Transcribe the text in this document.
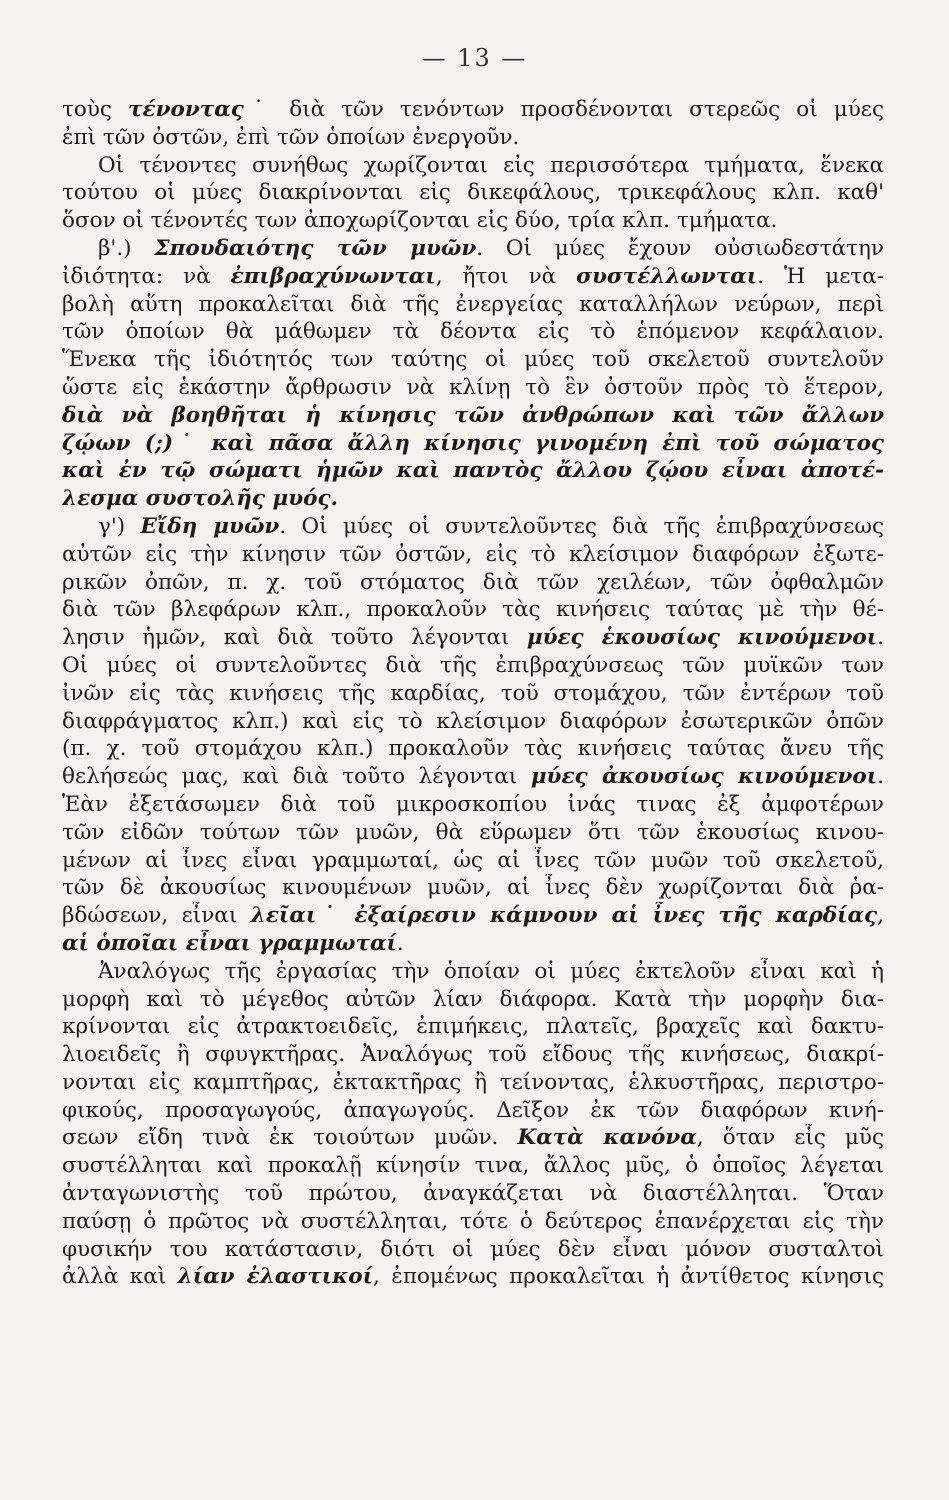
— 13 —
τοὺς τένοντας˙ διὰ τῶν τενόντων προσδένονται στερεῶς οἱ μύες
ἐπὶ τῶν ὀστῶν, ἐπὶ τῶν ὁποίων ἐνεργοῦν.
Οἱ τένοντες συνήθως χωρίζονται εἰς περισσότερα τμήματα, ἕνεκα
τούτου οἱ μύες διακρίνονται εἰς δικεφάλους, τρικεφάλους κλπ. καθ'
ὅσον οἱ τένοντές των ἀποχωρίζονται εἰς δύο, τρία κλπ. τμήματα.
β'.) Σπουδαιότης τῶν μυῶν. Οἱ μύες ἔχουν οὐσιωδεστάτην
ἰδιότητα: νὰ ἐπιβραχύνωνται, ἤτοι νὰ συστέλλωνται. Ἡ μετα-
βολὴ αὕτη προκαλεῖται διὰ τῆς ἐνεργείας καταλλήλων νεύρων, περὶ
τῶν ὁποίων θὰ μάθωμεν τὰ δέοντα εἰς τὸ ἑπόμενον κεφάλαιον.
Ἕνεκα τῆς ἰδιότητός των ταύτης οἱ μύες τοῦ σκελετοῦ συντελοῦν
ὥστε εἰς ἑκάστην ἄρθρωσιν νὰ κλίνῃ τὸ ἓν ὀστοῦν πρὸς τὸ ἕτερον,
διὰ νὰ βοηθῆται ἡ κίνησις τῶν ἀνθρώπων καὶ τῶν ἄλλων
ζῴων (;)˙ καὶ πᾶσα ἄλλη κίνησις γινομένη ἐπὶ τοῦ σώματος
καὶ ἐν τῷ σώματι ἡμῶν καὶ παντὸς ἄλλου ζῴου εἶναι ἀποτέ-
λεσμα συστολῆς μυός.
γ') Εἴδη μυῶν. Οἱ μύες οἱ συντελοῦντες διὰ τῆς ἐπιβραχύνσεως
αὐτῶν εἰς τὴν κίνησιν τῶν ὀστῶν, εἰς τὸ κλείσιμον διαφόρων ἐξωτε-
ρικῶν ὀπῶν, π. χ. τοῦ στόματος διὰ τῶν χειλέων, τῶν ὀφθαλμῶν
διὰ τῶν βλεφάρων κλπ., προκαλοῦν τὰς κινήσεις ταύτας μὲ τὴν θέ-
λησιν ἡμῶν, καὶ διὰ τοῦτο λέγονται μύες ἑκουσίως κινούμενοι.
Οἱ μύες οἱ συντελοῦντες διὰ τῆς ἐπιβραχύνσεως τῶν μυϊκῶν των
ἰνῶν εἰς τὰς κινήσεις τῆς καρδίας, τοῦ στομάχου, τῶν ἐντέρων τοῦ
διαφράγματος κλπ.) καὶ εἰς τὸ κλείσιμον διαφόρων ἐσωτερικῶν ὀπῶν
(π. χ. τοῦ στομάχου κλπ.) προκαλοῦν τὰς κινήσεις ταύτας ἄνευ τῆς
θελήσεώς μας, καὶ διὰ τοῦτο λέγονται μύες ἀκουσίως κινούμενοι.
Ἐὰν ἐξετάσωμεν διὰ τοῦ μικροσκοπίου ἰνάς τινας ἐξ ἀμφοτέρων
τῶν εἰδῶν τούτων τῶν μυῶν, θὰ εὕρωμεν ὅτι τῶν ἑκουσίως κινου-
μένων αἱ ἶνες εἶναι γραμμωταί, ὡς αἱ ἶνες τῶν μυῶν τοῦ σκελετοῦ,
τῶν δὲ ἀκουσίως κινουμένων μυῶν, αἱ ἶνες δὲν χωρίζονται διὰ ῥα-
βδώσεων, εἶναι λεῖαι˙ ἐξαίρεσιν κάμνουν αἱ ἶνες τῆς καρδίας,
αἱ ὁποῖαι εἶναι γραμμωταί.
Ἀναλόγως τῆς ἐργασίας τὴν ὁποίαν οἱ μύες ἐκτελοῦν εἶναι καὶ ἡ
μορφὴ καὶ τὸ μέγεθος αὐτῶν λίαν διάφορα. Κατὰ τὴν μορφὴν δια-
κρίνονται εἰς ἀτρακτοειδεῖς, ἐπιμήκεις, πλατεῖς, βραχεῖς καὶ δακτυ-
λιοειδεῖς ἢ σφυγκτῆρας. Ἀναλόγως τοῦ εἴδους τῆς κινήσεως, διακρί-
νονται εἰς καμπτῆρας, ἐκτακτῆρας ἢ τείνοντας, ἑλκυστῆρας, περιστρο-
φικούς, προσαγωγούς, ἀπαγωγούς. Δεῖξον ἐκ τῶν διαφόρων κινή-
σεων εἴδη τινὰ ἐκ τοιούτων μυῶν. Κατὰ κανόνα, ὅταν εἷς μῦς
συστέλληται καὶ προκαλῇ κίνησίν τινα, ἄλλος μῦς, ὁ ὁποῖος λέγεται
ἀνταγωνιστὴς τοῦ πρώτου, ἀναγκάζεται νὰ διαστέλληται. Ὅταν
παύσῃ ὁ πρῶτος νὰ συστέλληται, τότε ὁ δεύτερος ἐπανέρχεται εἰς τὴν
φυσικήν του κατάστασιν, διότι οἱ μύες δὲν εἶναι μόνον συσταλτοὶ
ἀλλὰ καὶ λίαν ἐλαστικοί, ἐπομένως προκαλεῖται ἡ ἀντίθετος κίνησις
